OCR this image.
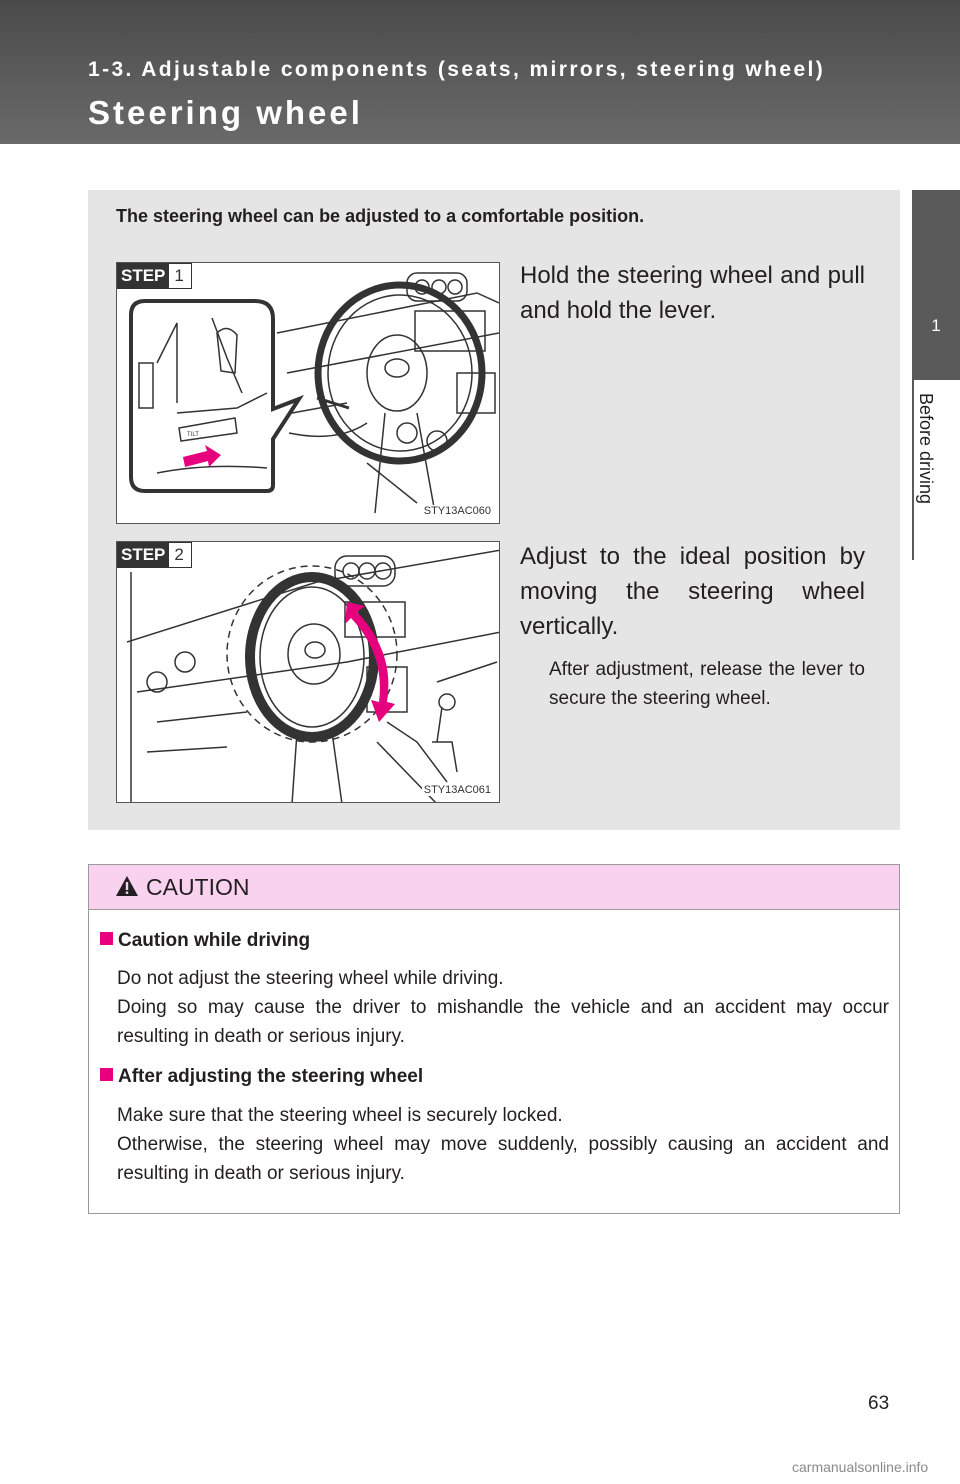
1-3. Adjustable components (seats, mirrors, steering wheel)
Steering wheel
1
Before driving
The steering wheel can be adjusted to a comfortable position.
STEP 1
TILT
STY13AC060
Hold the steering wheel and pull and hold the lever.
STEP 2
STY13AC061
Adjust to the ideal position by moving the steering wheel vertically.
After adjustment, release the lever to secure the steering wheel.
CAUTION
Caution while driving
Do not adjust the steering wheel while driving.
Doing so may cause the driver to mishandle the vehicle and an accident may occur resulting in death or serious injury.
After adjusting the steering wheel
Make sure that the steering wheel is securely locked.
Otherwise, the steering wheel may move suddenly, possibly causing an accident and resulting in death or serious injury.
63
carmanualsonline.info
